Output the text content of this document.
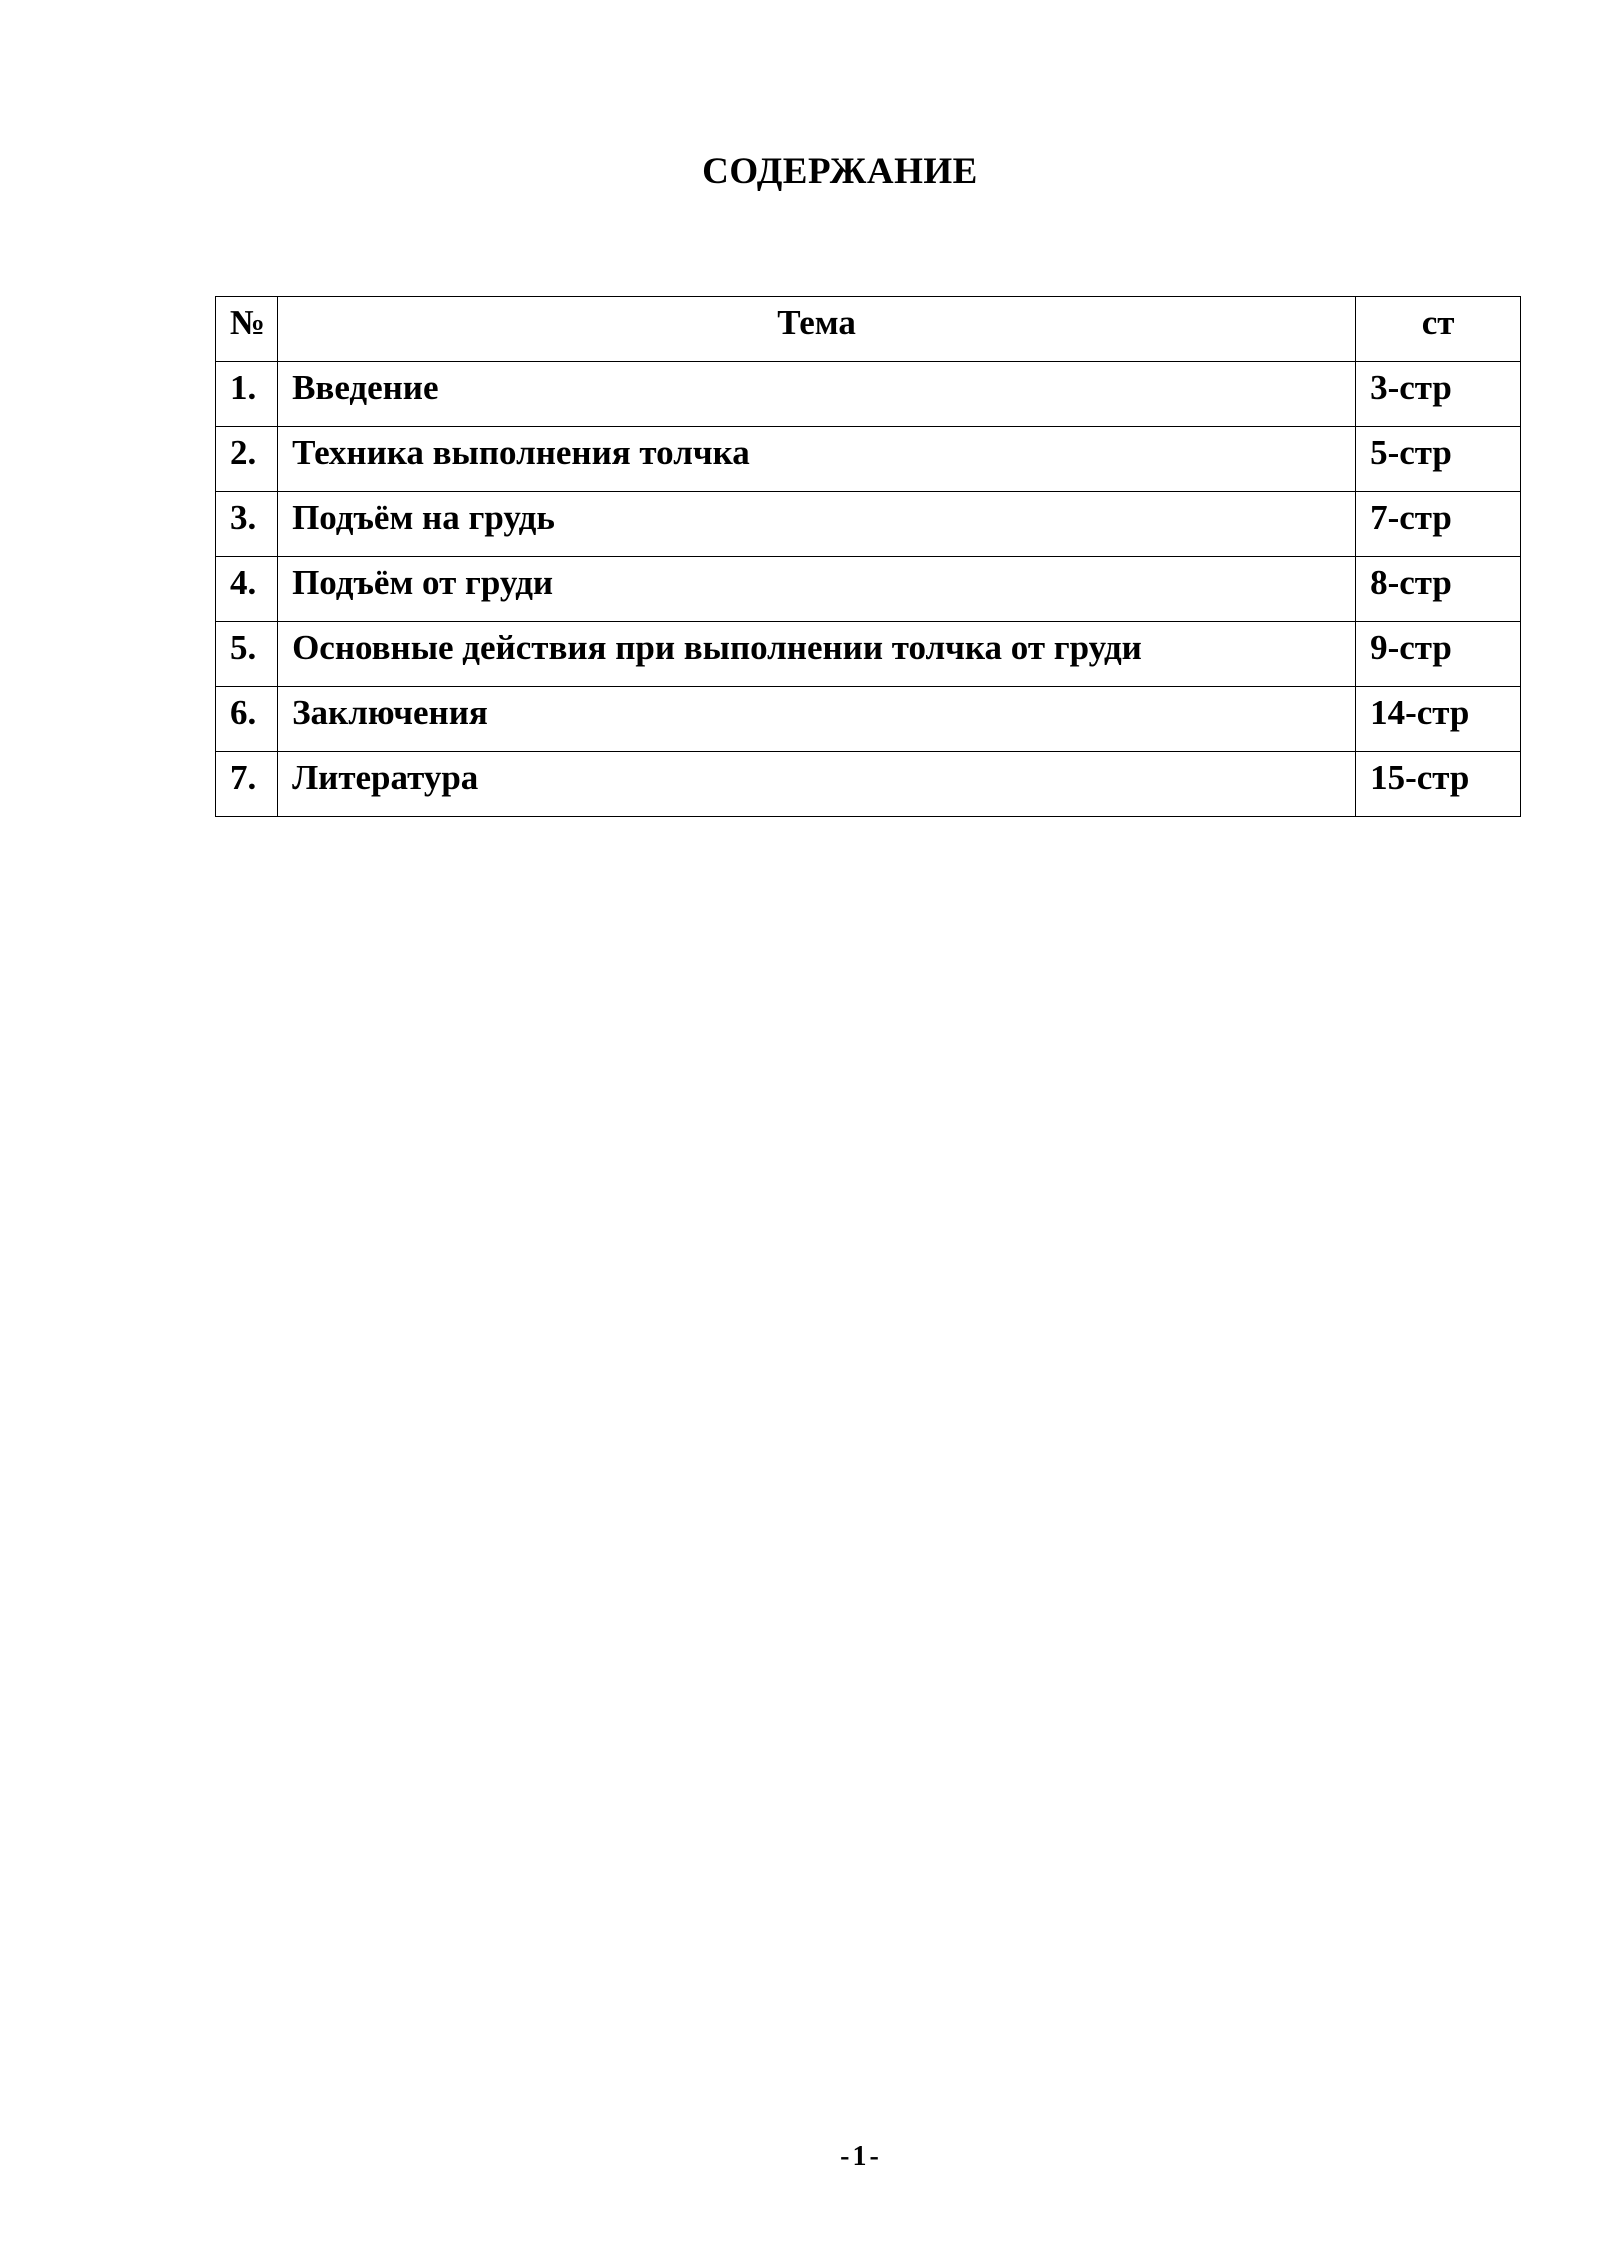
СОДЕРЖАНИЕ
№	Тема	ст
1.	Введение	3-стр
2.	Техника выполнения толчка	5-стр
3.	Подъём на грудь	7-стр
4.	Подъём от груди	8-стр
5.	Основные действия при выполнении толчка от груди	9-стр
6.	Заключения	14-стр
7.	Литература	15-стр
-1-
